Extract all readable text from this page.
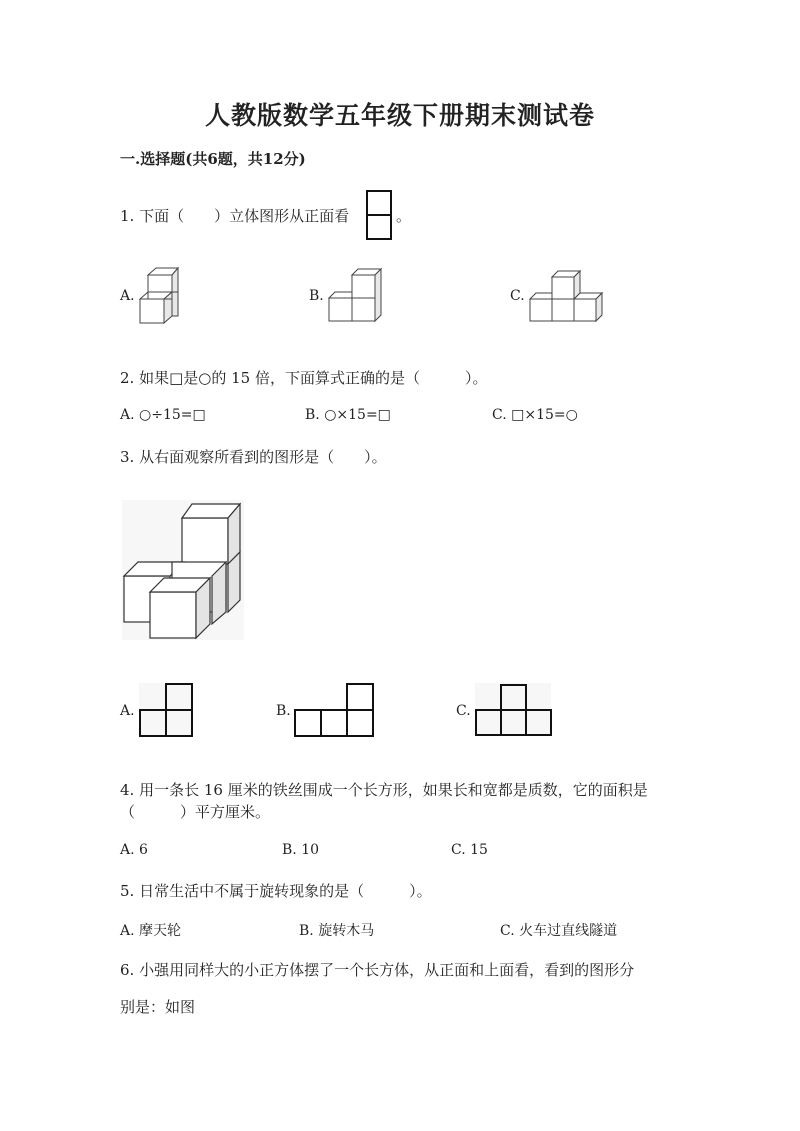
人教版数学五年级下册期末测试卷
一.选择题(共6题，共12分)
1. 下面（　　）立体图形从正面看	。
A.	B.	C.
2. 如果□是○的 15 倍，下面算式正确的是（　　　）。
A. ○÷15=□	B. ○×15=□	C. □×15=○
3. 从右面观察所看到的图形是（　　）。
A.	B.	C.
4. 用一条长 16 厘米的铁丝围成一个长方形，如果长和宽都是质数，它的面积是
（　　　）平方厘米。
A. 6	B. 10	C. 15
5. 日常生活中不属于旋转现象的是（　　　）。
A. 摩天轮	B. 旋转木马	C. 火车过直线隧道
6. 小强用同样大的小正方体摆了一个长方体，从正面和上面看，看到的图形分
别是：如图
